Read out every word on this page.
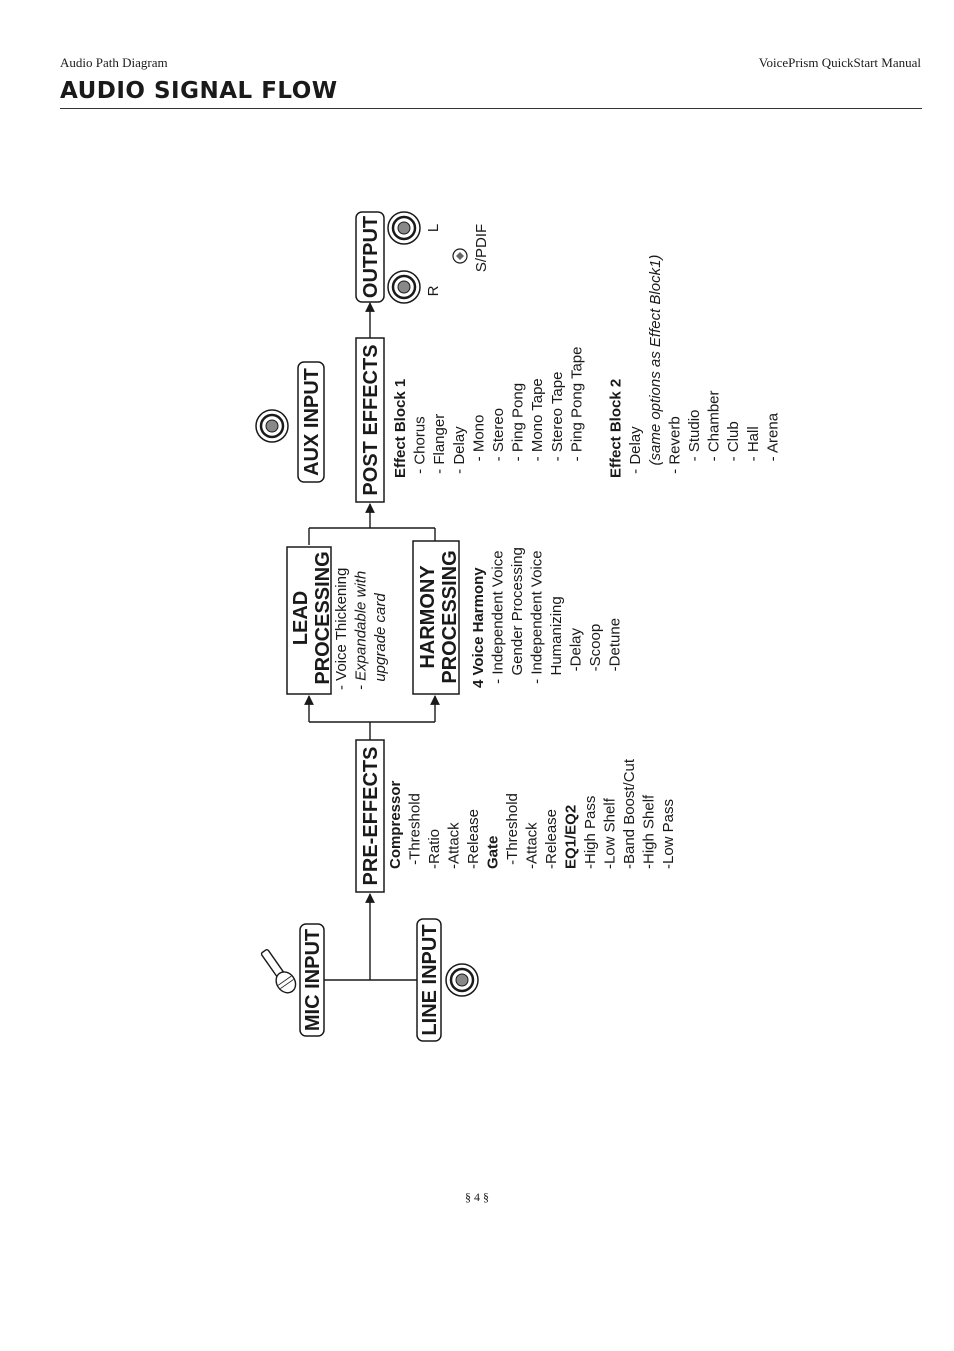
Audio Path Diagram	VoicePrism QuickStart Manual
AUDIO SIGNAL FLOW
MIC INPUT	LINE INPUT
PRE-EFFECTS
LEAD PROCESSING	HARMONY PROCESSING
AUX INPUT POST EFFECTS
OUTPUT
Compressor -Threshold -Ratio -Attack -Release Gate -Threshold -Attack -Release EQ1/EQ2 -High Pass -Low Shelf -Band Boost/Cut -High Shelf -Low Pass
- Voice Thickening - Expandable with upgrade card	4 Voice Harmony - Independent Voice Gender Processing - Independent Voice Humanizing -Delay -Scoop -Detune
Effect Block 1 - Chorus - Flanger - Delay - Mono - Stereo - Ping Pong - Mono Tape - Stereo Tape - Ping Pong Tape Effect Block 2 - Delay (same options as Effect Block1) - Reverb - Studio - Chamber - Club - Hall - Arena
R
L S/PDIF
§ 4 §
